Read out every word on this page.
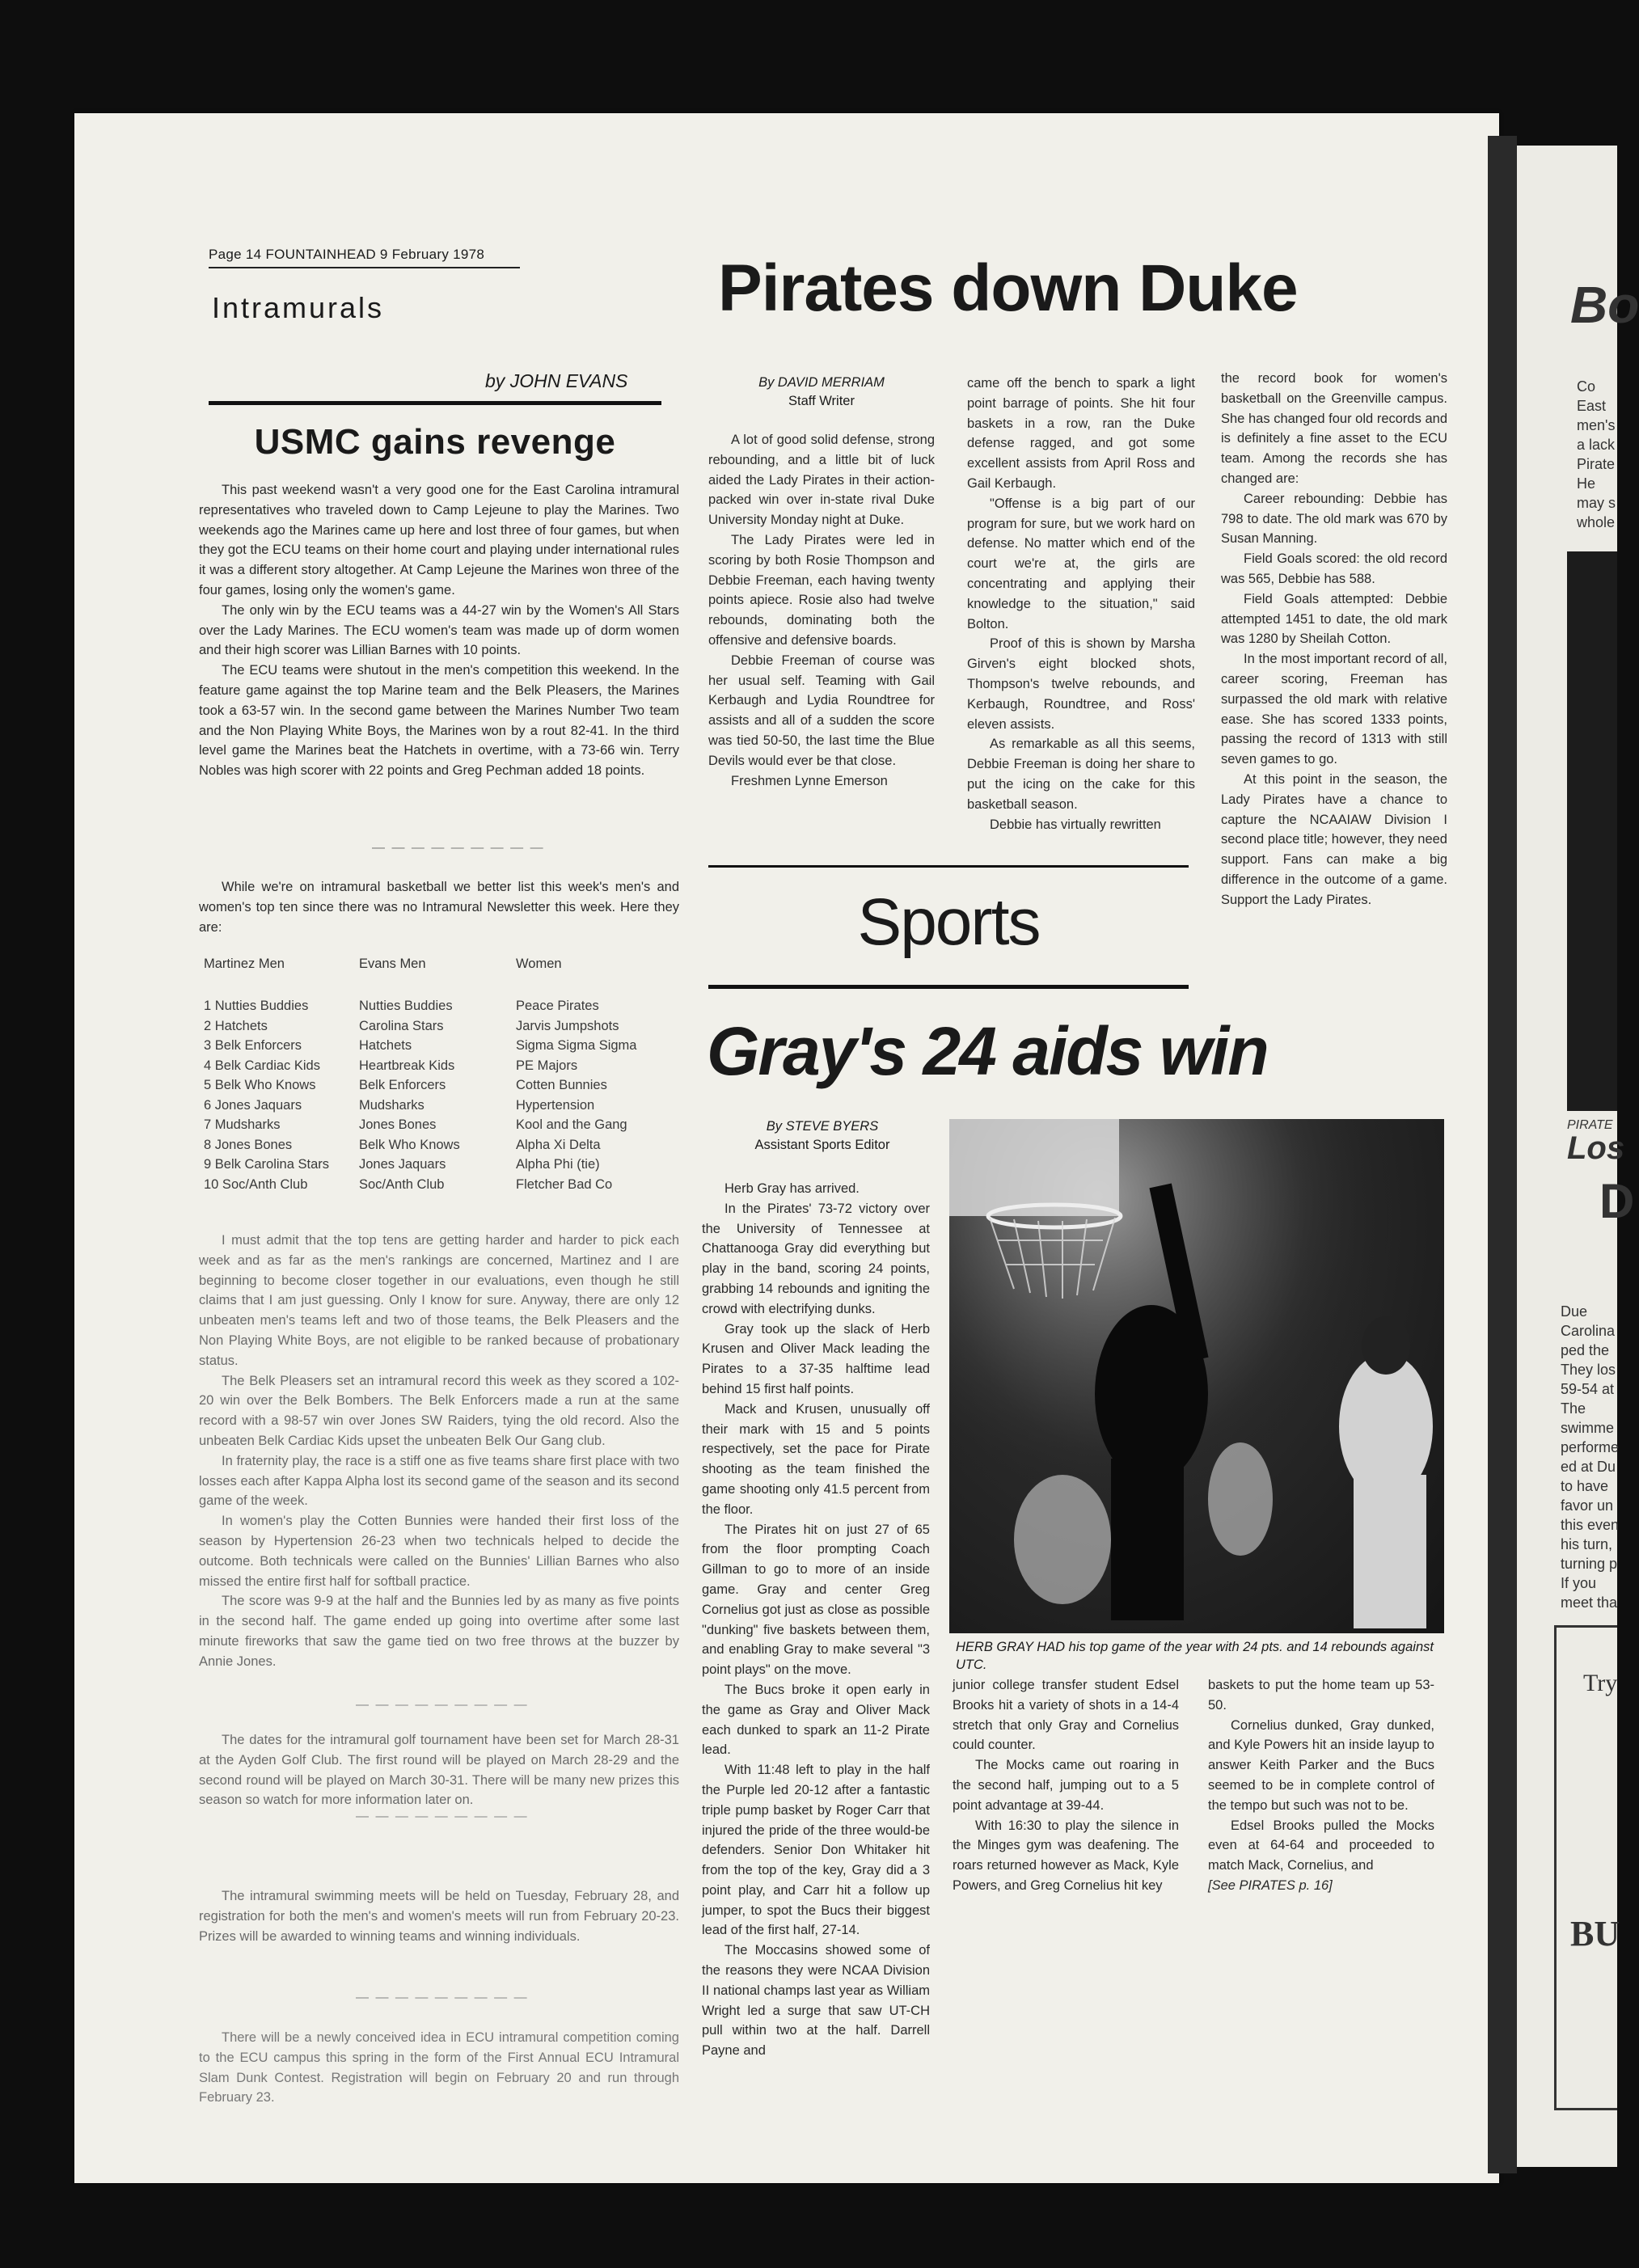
Page 14 FOUNTAINHEAD 9 February 1978
Intramurals
by JOHN EVANS
USMC gains revenge

This past weekend wasn't a very good one for the East Carolina intramural representatives who traveled down to Camp Lejeune to play the Marines. Two weekends ago the Marines came up here and lost three of four games, but when they got the ECU teams on their home court and playing under international rules it was a different story altogether. At Camp Lejeune the Marines won three of the four games, losing only the women's game.

The only win by the ECU teams was a 44-27 win by the Women's All Stars over the Lady Marines. The ECU women's team was made up of dorm women and their high scorer was Lillian Barnes with 10 points.

The ECU teams were shutout in the men's competition this weekend. In the feature game against the top Marine team and the Belk Pleasers, the Marines took a 63-57 win. In the second game between the Marines Number Two team and the Non Playing White Boys, the Marines won by a rout 82-41. In the third level game the Marines beat the Hatchets in overtime, with a 73-66 win. Terry Nobles was high scorer with 22 points and Greg Pechman added 18 points.

— — — — — — — — —

While we're on intramural basketball we better list this week's men's and women's top ten since there was no Intramural Newsletter this week. Here they are:

Martinez Men	Evans Men	Women
1 Nutties Buddies
2 Hatchets
3 Belk Enforcers
4 Belk Cardiac Kids
5 Belk Who Knows
6 Jones Jaquars
7 Mudsharks
8 Jones Bones
9 Belk Carolina Stars
10 Soc/Anth Club
Nutties Buddies
Carolina Stars
Hatchets
Heartbreak Kids
Belk Enforcers
Mudsharks
Jones Bones
Belk Who Knows
Jones Jaquars
Soc/Anth Club
Peace Pirates
Jarvis Jumpshots
Sigma Sigma Sigma
PE Majors
Cotten Bunnies
Hypertension
Kool and the Gang
Alpha Xi Delta
Alpha Phi (tie)
Fletcher Bad Co

I must admit that the top tens are getting harder and harder to pick each week and as far as the men's rankings are concerned, Martinez and I are beginning to become closer together in our evaluations, even though he still claims that I am just guessing. Only I know for sure. Anyway, there are only 12 unbeaten men's teams left and two of those teams, the Belk Pleasers and the Non Playing White Boys, are not eligible to be ranked because of probationary status.

The Belk Pleasers set an intramural record this week as they scored a 102-20 win over the Belk Bombers. The Belk Enforcers made a run at the same record with a 98-57 win over Jones SW Raiders, tying the old record. Also the unbeaten Belk Cardiac Kids upset the unbeaten Belk Our Gang club.

In fraternity play, the race is a stiff one as five teams share first place with two losses each after Kappa Alpha lost its second game of the season and its second game of the week.

In women's play the Cotten Bunnies were handed their first loss of the season by Hypertension 26-23 when two technicals helped to decide the outcome. Both technicals were called on the Bunnies' Lillian Barnes who also missed the entire first half for softball practice.

The score was 9-9 at the half and the Bunnies led by as many as five points in the second half. The game ended up going into overtime after some last minute fireworks that saw the game tied on two free throws at the buzzer by Annie Jones.

— — — — — — — — —

The dates for the intramural golf tournament have been set for March 28-31 at the Ayden Golf Club. The first round will be played on March 28-29 and the second round will be played on March 30-31. There will be many new prizes this season so watch for more information later on.

— — — — — — — — —

The intramural swimming meets will be held on Tuesday, February 28, and registration for both the men's and women's meets will run from February 20-23. Prizes will be awarded to winning teams and winning individuals.

— — — — — — — — —

There will be a newly conceived idea in ECU intramural competition coming to the ECU campus this spring in the form of the First Annual ECU Intramural Slam Dunk Contest. Registration will begin on February 20 and run through February 23.

Pirates down Duke
By DAVID MERRIAM
Staff Writer

A lot of good solid defense, strong rebounding, and a little bit of luck aided the Lady Pirates in their action-packed win over in-state rival Duke University Monday night at Duke.

The Lady Pirates were led in scoring by both Rosie Thompson and Debbie Freeman, each having twenty points apiece. Rosie also had twelve rebounds, dominating both the offensive and defensive boards.

Debbie Freeman of course was her usual self. Teaming with Gail Kerbaugh and Lydia Roundtree for assists and all of a sudden the score was tied 50-50, the last time the Blue Devils would ever be that close.

Freshmen Lynne Emerson

came off the bench to spark a light point barrage of points. She hit four baskets in a row, ran the Duke defense ragged, and got some excellent assists from April Ross and Gail Kerbaugh.

"Offense is a big part of our program for sure, but we work hard on defense. No matter which end of the court we're at, the girls are concentrating and applying their knowledge to the situation," said Bolton.

Proof of this is shown by Marsha Girven's eight blocked shots, Thompson's twelve rebounds, and Kerbaugh, Roundtree, and Ross' eleven assists.

As remarkable as all this seems, Debbie Freeman is doing her share to put the icing on the cake for this basketball season.

Debbie has virtually rewritten

the record book for women's basketball on the Greenville campus. She has changed four old records and is definitely a fine asset to the ECU team. Among the records she has changed are:

Career rebounding: Debbie has 798 to date. The old mark was 670 by Susan Manning.

Field Goals scored: the old record was 565, Debbie has 588.

Field Goals attempted: Debbie attempted 1451 to date, the old mark was 1280 by Sheilah Cotton.

In the most important record of all, career scoring, Freeman has surpassed the old mark with relative ease. She has scored 1333 points, passing the record of 1313 with still seven games to go.

At this point in the season, the Lady Pirates have a chance to capture the NCAAIAW Division I second place title; however, they need support. Fans can make a big difference in the outcome of a game. Support the Lady Pirates.

Sports
Gray's 24 aids win
By STEVE BYERS
Assistant Sports Editor

Herb Gray has arrived.

In the Pirates' 73-72 victory over the University of Tennessee at Chattanooga Gray did everything but play in the band, scoring 24 points, grabbing 14 rebounds and igniting the crowd with electrifying dunks.

Gray took up the slack of Herb Krusen and Oliver Mack leading the Pirates to a 37-35 halftime lead behind 15 first half points.

Mack and Krusen, unusually off their mark with 15 and 5 points respectively, set the pace for Pirate shooting as the team finished the game shooting only 41.5 percent from the floor.

The Pirates hit on just 27 of 65 from the floor prompting Coach Gillman to go to more of an inside game. Gray and center Greg Cornelius got just as close as possible "dunking" five baskets between them, and enabling Gray to make several "3 point plays" on the move.

The Bucs broke it open early in the game as Gray and Oliver Mack each dunked to spark an 11-2 Pirate lead.

With 11:48 left to play in the half the Purple led 20-12 after a fantastic triple pump basket by Roger Carr that injured the pride of the three would-be defenders. Senior Don Whitaker hit from the top of the key, Gray did a 3 point play, and Carr hit a follow up jumper, to spot the Bucs their biggest lead of the first half, 27-14.

The Moccasins showed some of the reasons they were NCAA Division II national champs last year as William Wright led a surge that saw UT-CH pull within two at the half. Darrell Payne and

HERB GRAY HAD his top game of the year with 24 pts. and 14 rebounds against UTC.

junior college transfer student Edsel Brooks hit a variety of shots in a 14-4 stretch that only Gray and Cornelius could counter.

The Mocks came out roaring in the second half, jumping out to a 5 point advantage at 39-44.

With 16:30 to play the silence in the Minges gym was deafening. The roars returned however as Mack, Kyle Powers, and Greg Cornelius hit key

baskets to put the home team up 53-50.

Cornelius dunked, Gray dunked, and Kyle Powers hit an inside layup to answer Keith Parker and the Bucs seemed to be in complete control of the tempo but such was not to be.

Edsel Brooks pulled the Mocks even at 64-64 and proceeded to match Mack, Cornelius, and

[See PIRATES p. 16]

Bo
Co
East
men's
a lack
Pirate
He
may s
whole
PIRATE
Los
D
Due
Carolina
ped the
They los
59-54 at
The
swimme
performe
ed at Du
to have
favor un
this even
his turn,
turning p
If you
meet tha
Try
BU
